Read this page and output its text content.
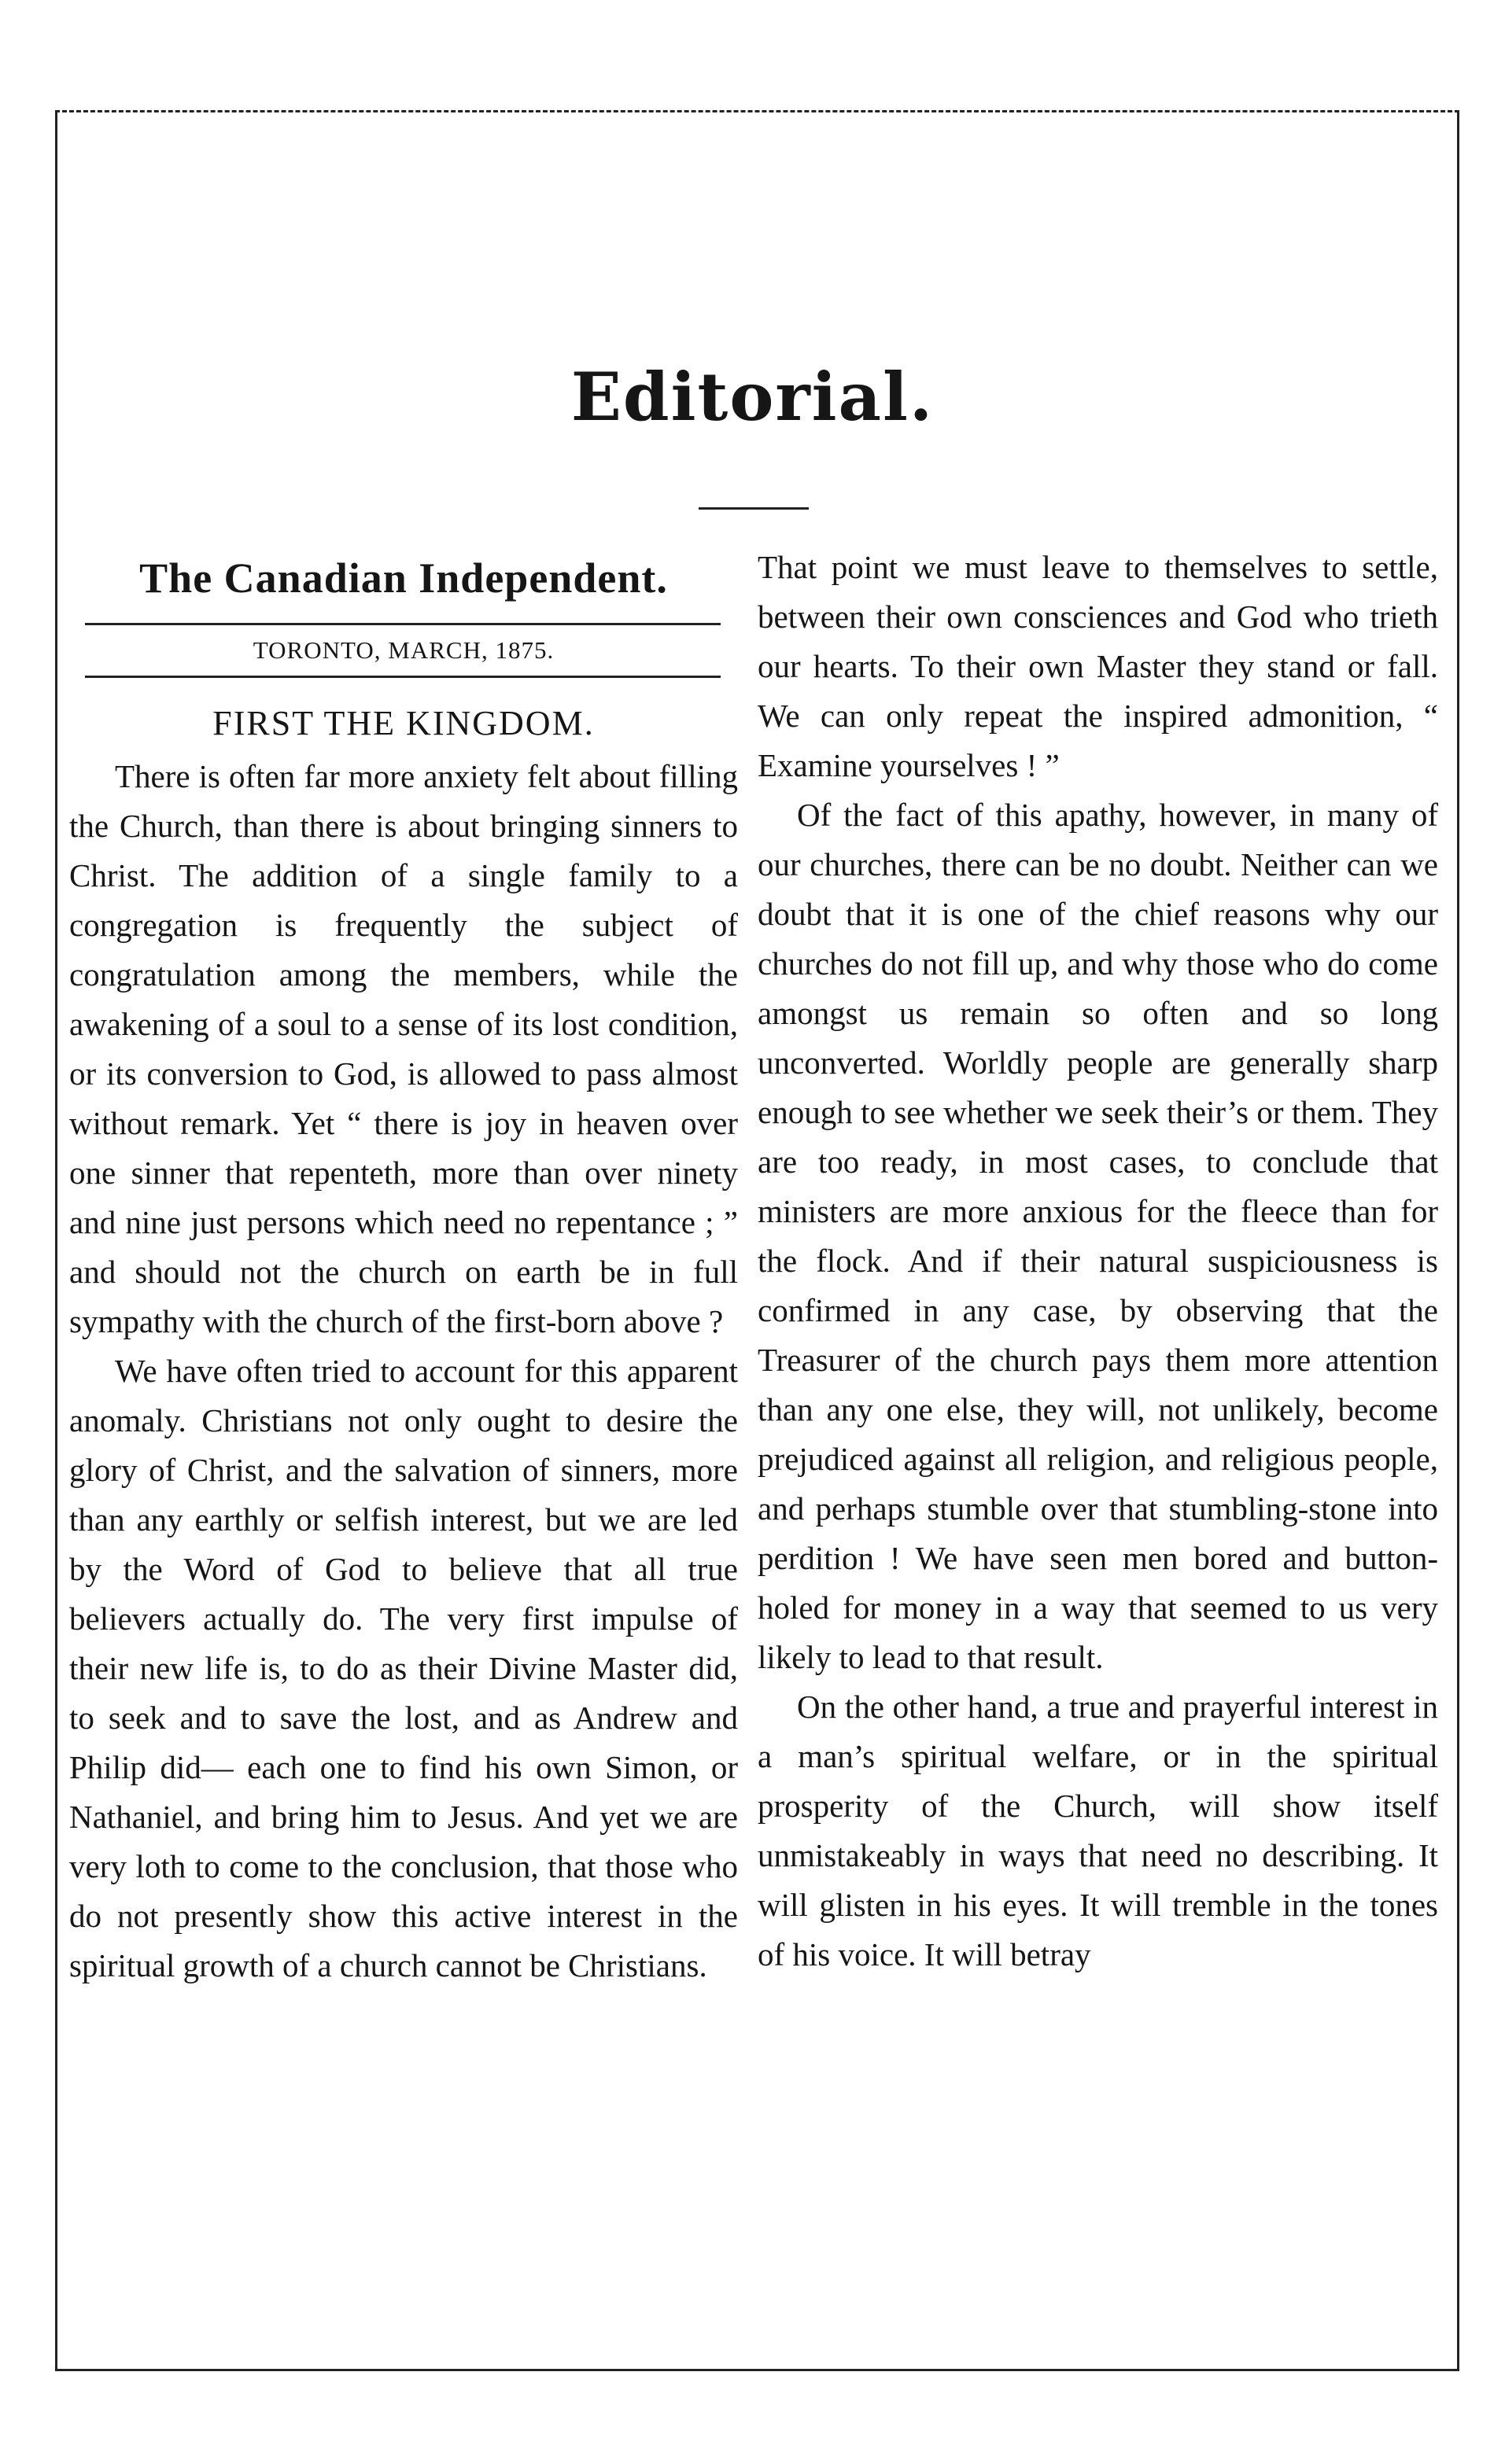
Editorial.
The Canadian Independent.
TORONTO, MARCH, 1875.
FIRST THE KINGDOM.

There is often far more anxiety felt about filling the Church, than there is about bringing sinners to Christ. The addition of a single family to a congregation is frequently the subject of congratulation among the members, while the awakening of a soul to a sense of its lost condition, or its conversion to God, is allowed to pass almost without remark. Yet “ there is joy in heaven over one sinner that repenteth, more than over ninety and nine just persons which need no repentance ; ” and should not the church on earth be in full sympathy with the church of the first-born above ?

We have often tried to account for this apparent anomaly. Christians not only ought to desire the glory of Christ, and the salvation of sinners, more than any earthly or selfish interest, but we are led by the Word of God to believe that all true believers actually do. The very first impulse of their new life is, to do as their Divine Master did, to seek and to save the lost, and as Andrew and Philip did— each one to find his own Simon, or Nathaniel, and bring him to Jesus. And yet we are very loth to come to the conclusion, that those who do not presently show this active interest in the spiritual growth of a church cannot be Christians.

That point we must leave to themselves to settle, between their own consciences and God who trieth our hearts. To their own Master they stand or fall. We can only repeat the inspired admonition, “ Examine yourselves ! ”

Of the fact of this apathy, however, in many of our churches, there can be no doubt. Neither can we doubt that it is one of the chief reasons why our churches do not fill up, and why those who do come amongst us remain so often and so long unconverted. Worldly people are generally sharp enough to see whether we seek their’s or them. They are too ready, in most cases, to conclude that ministers are more anxious for the fleece than for the flock. And if their natural suspiciousness is confirmed in any case, by observing that the Treasurer of the church pays them more attention than any one else, they will, not unlikely, become prejudiced against all religion, and religious people, and perhaps stumble over that stumbling-stone into perdition ! We have seen men bored and button-holed for money in a way that seemed to us very likely to lead to that result.

On the other hand, a true and prayerful interest in a man’s spiritual welfare, or in the spiritual prosperity of the Church, will show itself unmistakeably in ways that need no describing. It will glisten in his eyes. It will tremble in the tones of his voice. It will betray
